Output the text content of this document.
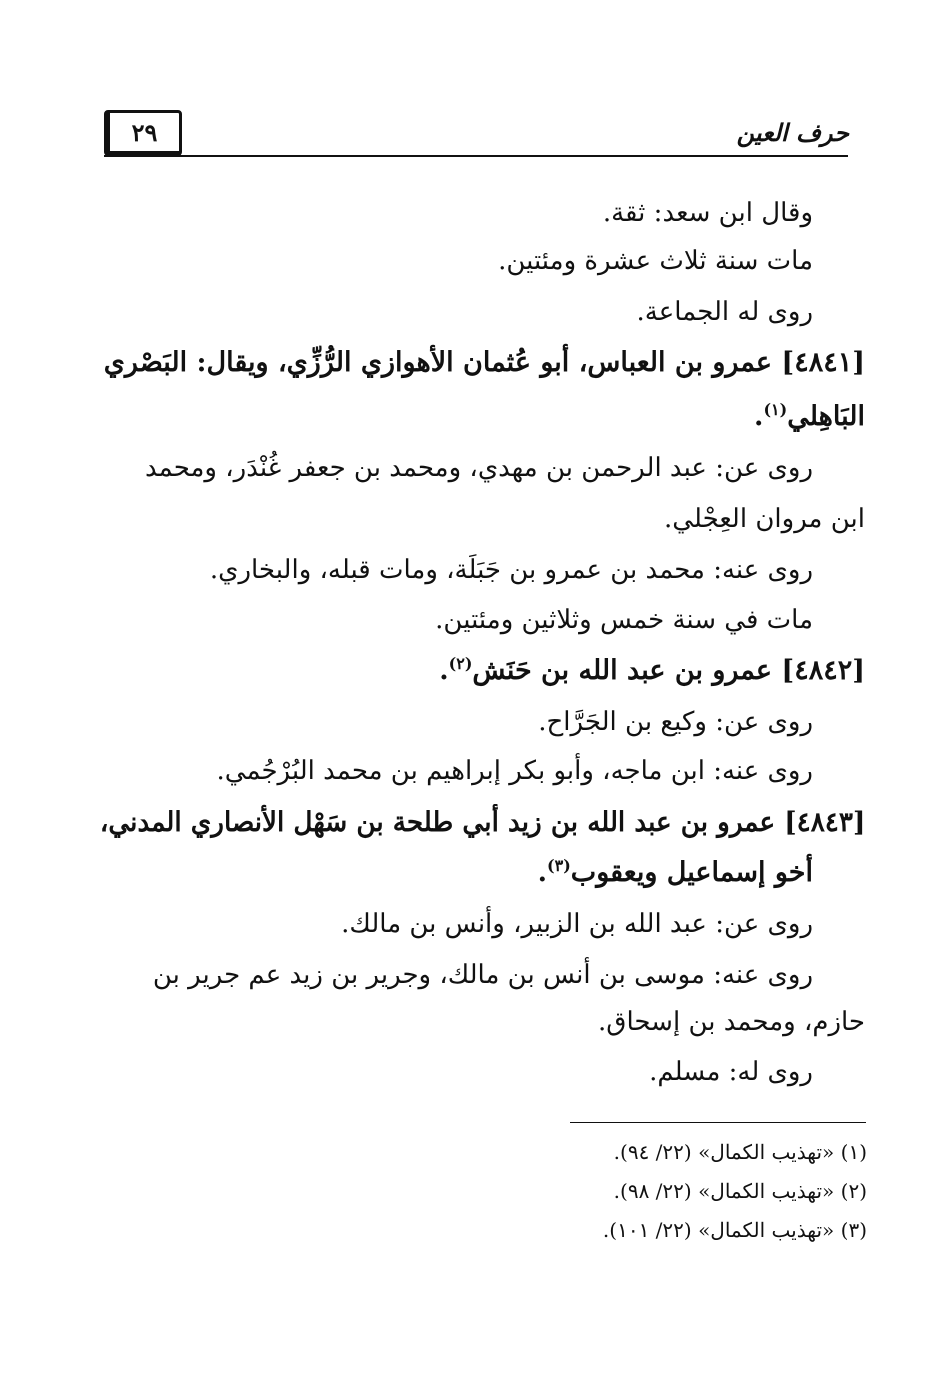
٢٩	حرف العين
وقال ابن سعد: ثقة.
مات سنة ثلاث عشرة ومئتين.
روى له الجماعة.
[٤٨٤١] عمرو بن العباس، أبو عُثمان الأهوازي الرُّزِّي، ويقال: البَصْري
البَاهِلي$^{(١)}$.
روى عن: عبد الرحمن بن مهدي، ومحمد بن جعفر غُنْدَر، ومحمد
ابن مروان العِجْلي.
روى عنه: محمد بن عمرو بن جَبَلَة، ومات قبله، والبخاري.
مات في سنة خمس وثلاثين ومئتين.
[٤٨٤٢] عمرو بن عبد الله بن حَنَش$^{(٢)}$.
روى عن: وكيع بن الجَرَّاح.
روى عنه: ابن ماجه، وأبو بكر إبراهيم بن محمد البُرْجُمي.
[٤٨٤٣] عمرو بن عبد الله بن زيد أبي طلحة بن سَهْل الأنصاري المدني،
أخو إسماعيل ويعقوب$^{(٣)}$.
روى عن: عبد الله بن الزبير، وأنس بن مالك.
روى عنه: موسى بن أنس بن مالك، وجرير بن زيد عم جرير بن
حازم، ومحمد بن إسحاق.
روى له: مسلم.
(١) «تهذيب الكمال» (٢٢/ ٩٤).
(٢) «تهذيب الكمال» (٢٢/ ٩٨).
(٣) «تهذيب الكمال» (٢٢/ ١٠١).
